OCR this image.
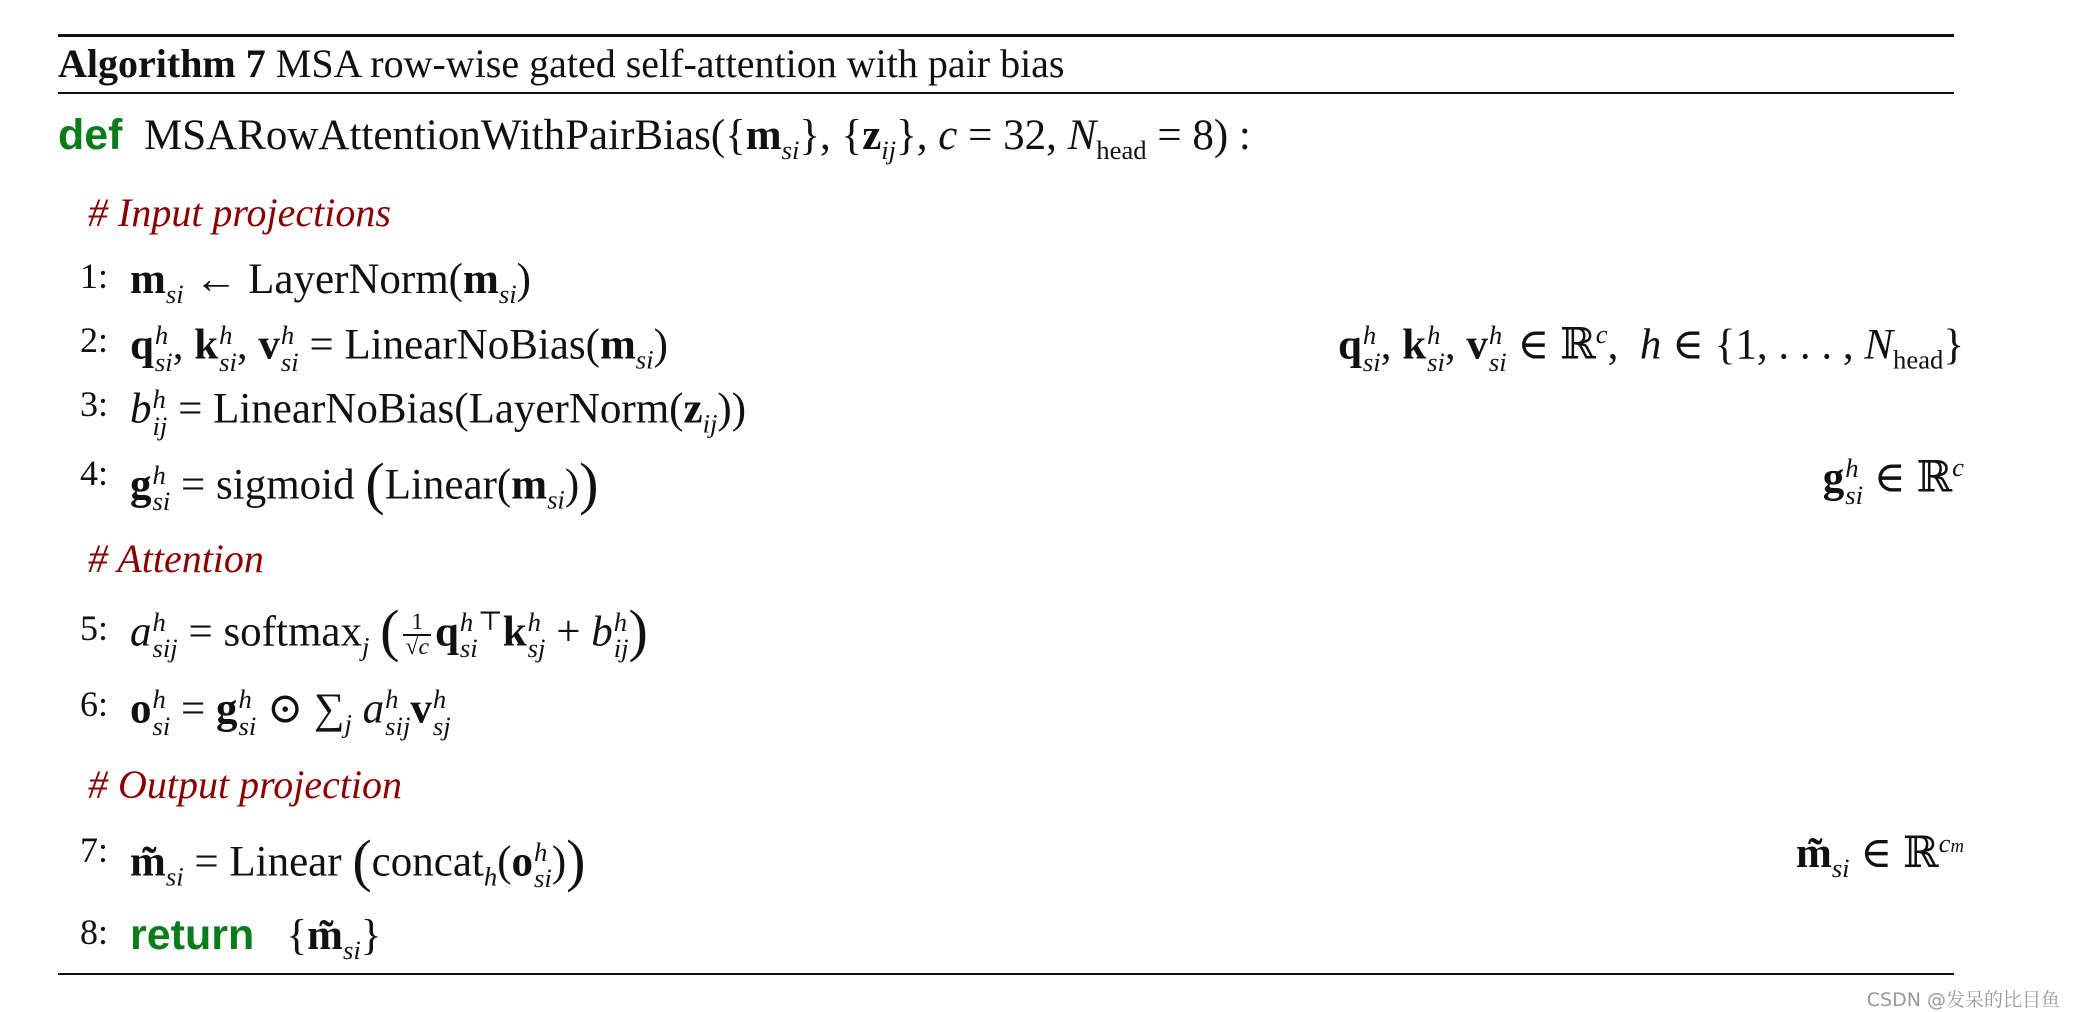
Algorithm 7 MSA row-wise gated self-attention with pair bias
def $MSARowAttentionWithPairBias(\{m_{si}\}$, $\{z_{ij}\}$, c = 32, $N_{head} = 8$) :
# Input projections
1: $m_{si}$ ← $LayerNorm(m_{si})$
2: q h
si , k h
si , v h
si = $LinearNoBias(m_{si})$	q h
si , k h
si , v h
si ∈ ℝ$^c$,  h ∈ {1, . . . , $N_{head}$}
3: b h
ij = $LinearNoBias(LayerNorm(z_{ij}))$
4: g h
si = sigmoid $(Linear(m_{si}))$	g h
si ∈ ℝ$^c$
# Attention
5: a h
sij = softmax$_j$ ( $\frac{1}{√c}$ q h
si
⊤k h
sj + b h
ij )
6: o h
si = g h
si ⊙ $\sum_j$ a h
sij v h
sj
# Output projection
7: $m̃_{si}$ = Linear (concat$_h$(o h
si ))	$m̃_{si}$ ∈ ℝ$^{cm}$
8: return   $\{m̃_{si}\}$
CSDN @发呆的比目鱼
